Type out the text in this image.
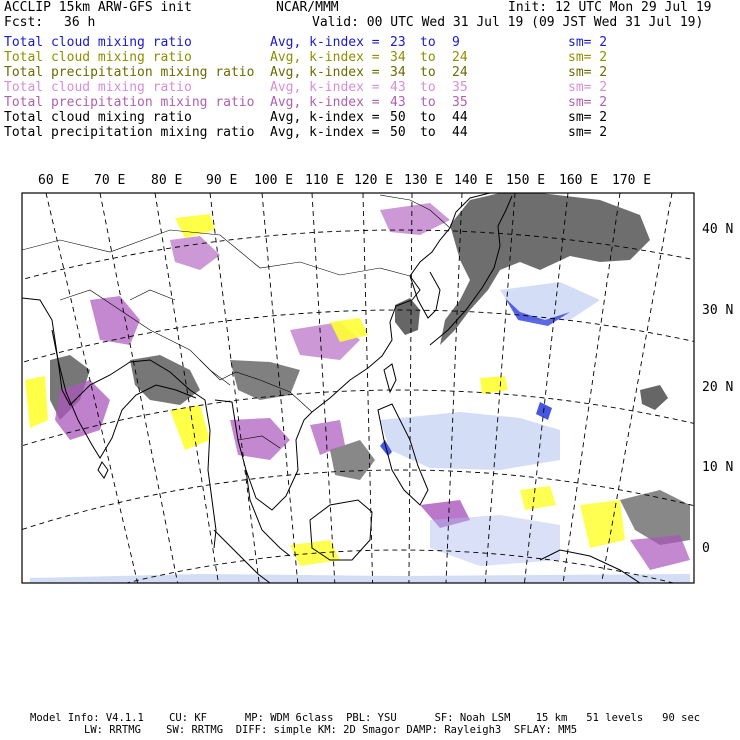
ACCLIP 15km ARW-GFS init	NCAR/MMM	Init: 12 UTC Mon 29 Jul 19
Fcst: 36 h	Valid: 00 UTC Wed 31 Jul 19 (09 JST Wed 31 Jul 19)
Total cloud mixing ratio	Avg, k-index = 23 to 9	sm= 2
Total cloud mixing ratio	Avg, k-index = 34 to 24	sm= 2
Total precipitation mixing ratio Avg, k-index = 34 to 24	sm= 2
Total cloud mixing ratio	Avg, k-index = 43 to 35	sm= 2
Total precipitation mixing ratio Avg, k-index = 43 to 35	sm= 2
Total cloud mixing ratio	Avg, k-index = 50 to 44	sm= 2
Total precipitation mixing ratio Avg, k-index = 50 to 44	sm= 2
60 E 70 E 80 E 90 E 100 E 110 E 120 E 130 E 140 E 150 E 160 E 170 E
40 N
30 N
20 N
10 N
0
Model Info: V4.1.1    CU: KF      MP: WDM 6class  PBL: YSU      SF: Noah LSM    15 km   51 levels   90 sec
LW: RRTMG    SW: RRTMG  DIFF: simple KM: 2D Smagor DAMP: Rayleigh3  SFLAY: MM5
